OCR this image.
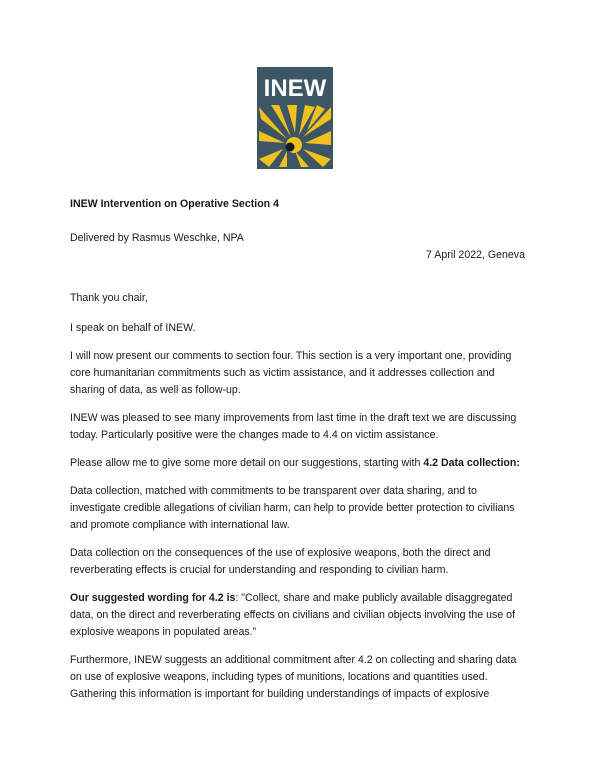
INEW

INEW Intervention on Operative Section 4

Delivered by Rasmus Weschke, NPA

7 April 2022, Geneva

Thank you chair,

I speak on behalf of INEW.

I will now present our comments to section four. This section is a very important one, providing core humanitarian commitments such as victim assistance, and it addresses collection and sharing of data, as well as follow-up.

INEW was pleased to see many improvements from last time in the draft text we are discussing today. Particularly positive were the changes made to 4.4 on victim assistance.

Please allow me to give some more detail on our suggestions, starting with 4.2 Data collection:

Data collection, matched with commitments to be transparent over data sharing, and to investigate credible allegations of civilian harm, can help to provide better protection to civilians and promote compliance with international law.

Data collection on the consequences of the use of explosive weapons, both the direct and reverberating effects is crucial for understanding and responding to civilian harm.

Our suggested wording for 4.2 is: "Collect, share and make publicly available disaggregated data, on the direct and reverberating effects on civilians and civilian objects involving the use of explosive weapons in populated areas.”

Furthermore, INEW suggests an additional commitment after 4.2 on collecting and sharing data on use of explosive weapons, including types of munitions, locations and quantities used. Gathering this information is important for building understandings of impacts of explosive
